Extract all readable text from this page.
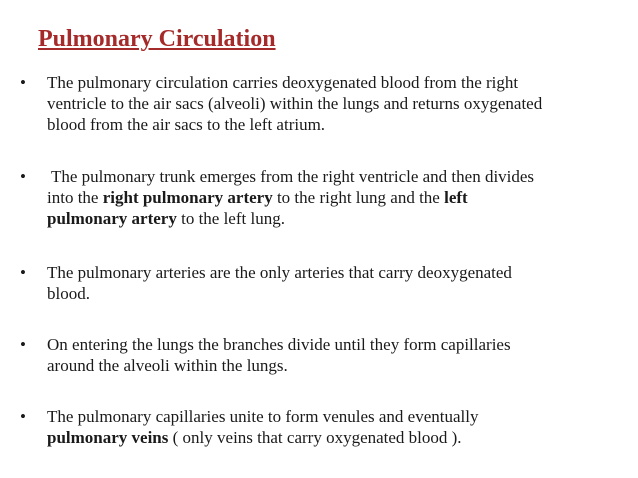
Pulmonary Circulation
• The pulmonary circulation carries deoxygenated blood from the right
ventricle to the air sacs (alveoli) within the lungs and returns oxygenated
blood from the air sacs to the left atrium.

• The pulmonary trunk emerges from the right ventricle and then divides
into the right pulmonary artery to the right lung and the left
pulmonary artery to the left lung.

• The pulmonary arteries are the only arteries that carry deoxygenated
blood.

• On entering the lungs the branches divide until they form capillaries
around the alveoli within the lungs.

• The pulmonary capillaries unite to form venules and eventually
pulmonary veins ( only veins that carry oxygenated blood ).
